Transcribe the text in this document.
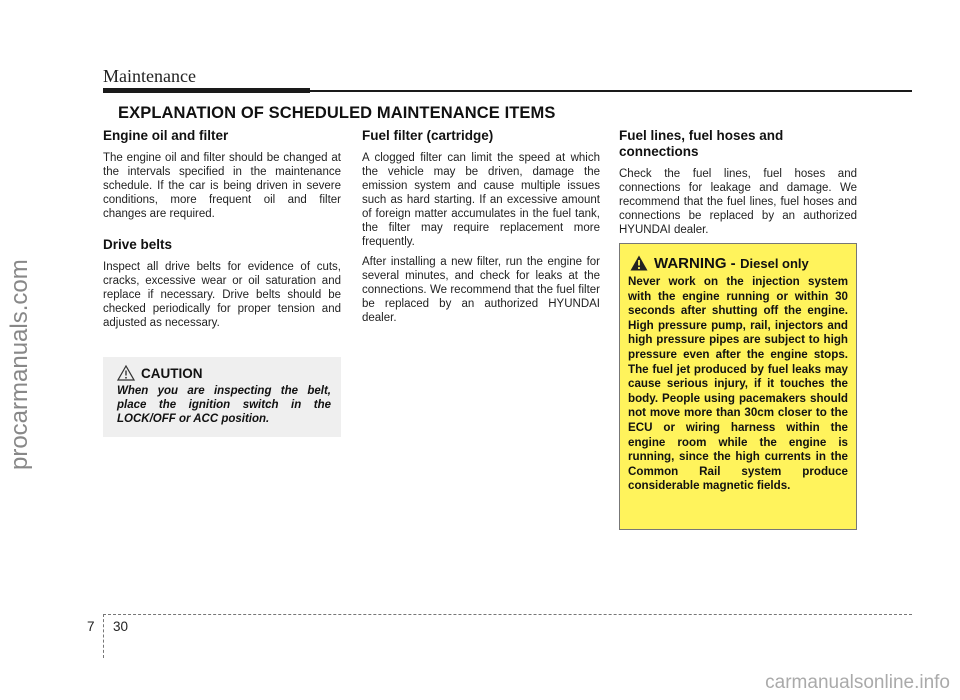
Maintenance
EXPLANATION OF SCHEDULED MAINTENANCE ITEMS
procarmanuals.com
Engine oil and filter

The engine oil and filter should be changed at the intervals specified in the maintenance schedule. If the car is being driven in severe conditions, more frequent oil and filter changes are required.

Drive belts

Inspect all drive belts for evidence of cuts, cracks, excessive wear or oil saturation and replace if necessary. Drive belts should be checked periodically for proper tension and adjusted as necessary.

CAUTION
When you are inspecting the belt, place the ignition switch in the LOCK/OFF or ACC position.
Fuel filter (cartridge)

A clogged filter can limit the speed at which the vehicle may be driven, damage the emission system and cause multiple issues such as hard starting. If an excessive amount of foreign matter accumulates in the fuel tank, the filter may require replacement more frequently.

After installing a new filter, run the engine for several minutes, and check for leaks at the connections. We recommend that the fuel filter be replaced by an authorized HYUNDAI dealer.

Fuel lines, fuel hoses and connections

Check the fuel lines, fuel hoses and connections for leakage and damage. We recommend that the fuel lines, fuel hoses and connections be replaced by an authorized HYUNDAI dealer.

WARNING -
Diesel only
Never work on the injection system with the engine running or within 30 seconds after shutting off the engine. High pressure pump, rail, injectors and high pressure pipes are subject to high pressure even after the engine stops. The fuel jet produced by fuel leaks may cause serious injury, if it touches the body. People using pacemakers should not move more than 30cm closer to the ECU or wiring harness within the engine room while the engine is running, since the high currents in the Common Rail system produce considerable magnetic fields.
7 30
carmanualsonline.info
